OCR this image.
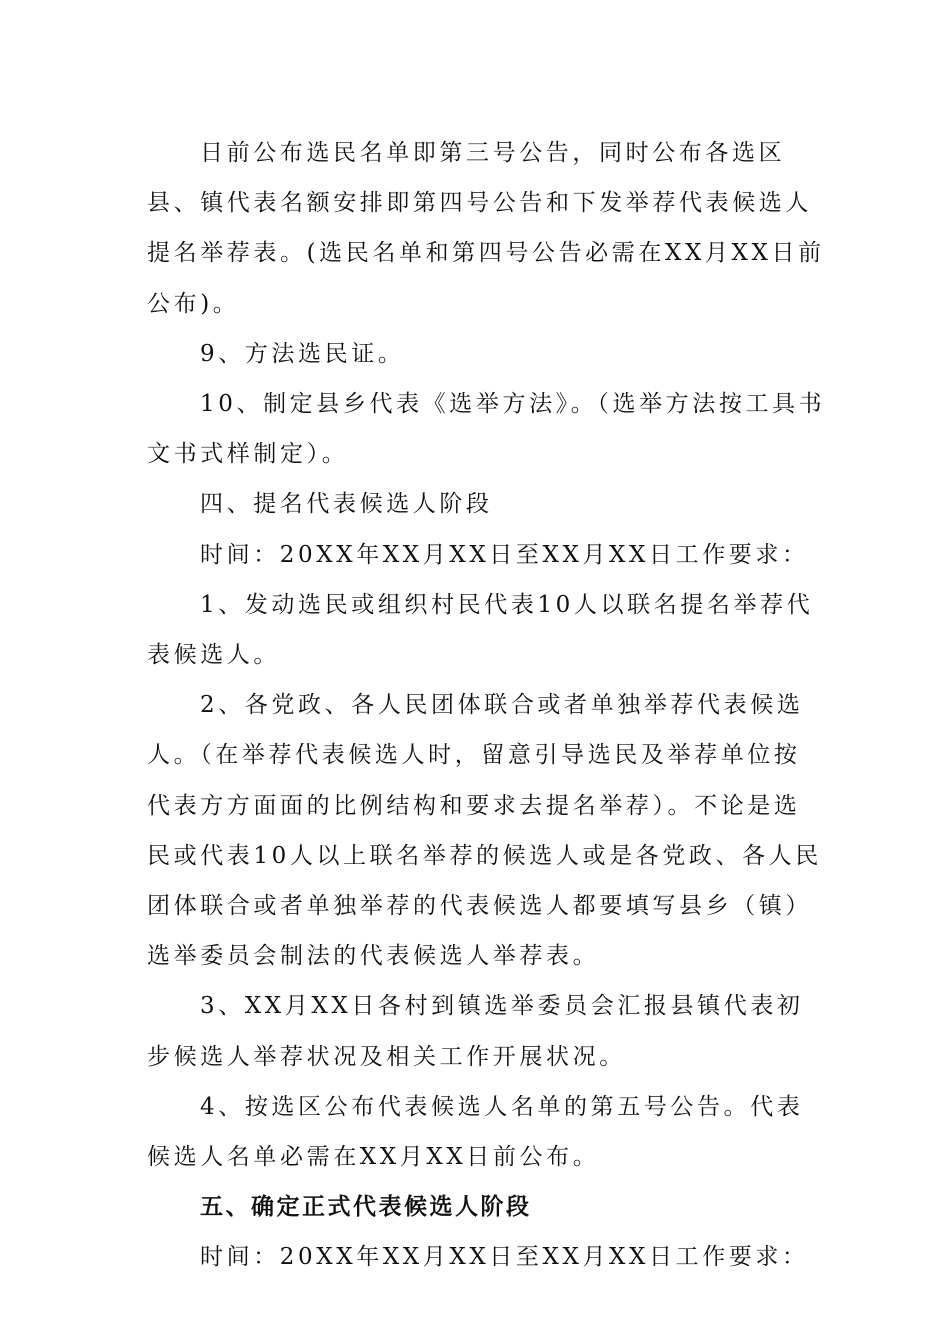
日前公布选民名单即第三号公告，同时公布各选区县、镇代表名额安排即第四号公告和下发举荐代表候选人提名举荐表。(选民名单和第四号公告必需在XX月XX日前公布)。

9、方法选民证。

10、制定县乡代表《选举方法》。（选举方法按工具书文书式样制定）。

四、提名代表候选人阶段

时间：20XX年XX月XX日至XX月XX日工作要求：

1、发动选民或组织村民代表10人以联名提名举荐代表候选人。

2、各党政、各人民团体联合或者单独举荐代表候选人。（在举荐代表候选人时，留意引导选民及举荐单位按代表方方面面的比例结构和要求去提名举荐）。不论是选民或代表10人以上联名举荐的候选人或是各党政、各人民团体联合或者单独举荐的代表候选人都要填写县乡（镇）选举委员会制法的代表候选人举荐表。

3、XX月XX日各村到镇选举委员会汇报县镇代表初步候选人举荐状况及相关工作开展状况。

4、按选区公布代表候选人名单的第五号公告。代表候选人名单必需在XX月XX日前公布。

五、确定正式代表候选人阶段

时间：20XX年XX月XX日至XX月XX日工作要求：
